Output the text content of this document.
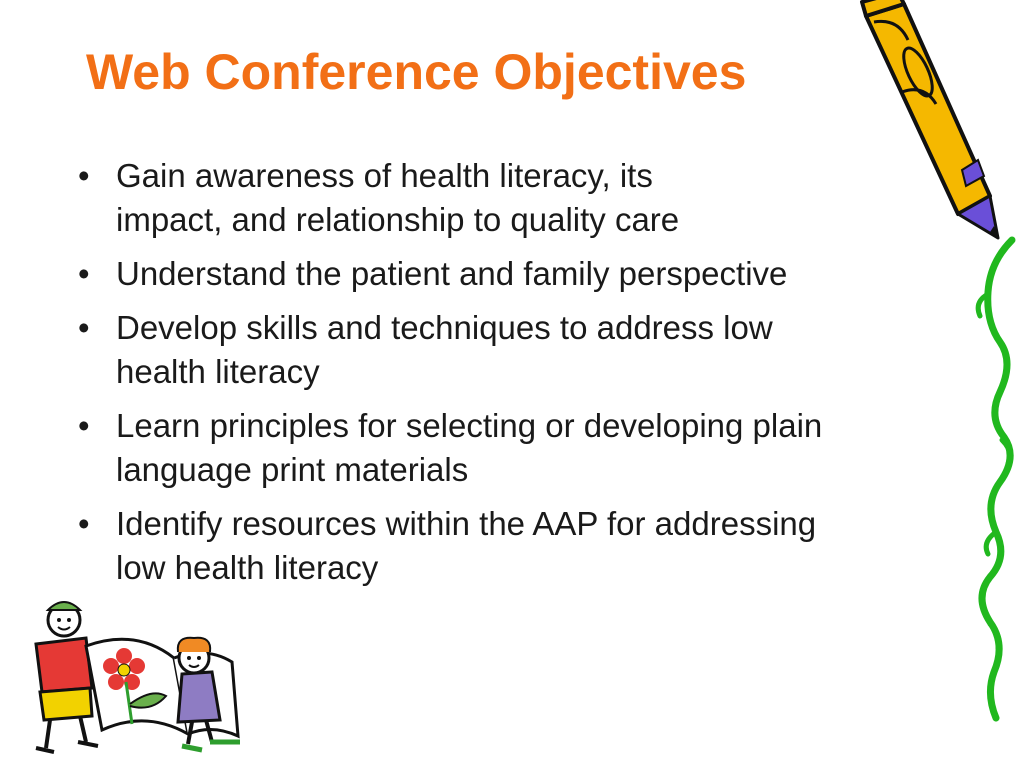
Web Conference Objectives
• Gain awareness of health literacy, its
impact, and relationship to quality care
• Understand the patient and family perspective
• Develop skills and techniques to address low
health literacy
• Learn principles for selecting or developing plain
language print materials
• Identify resources within the AAP for addressing
low health literacy
